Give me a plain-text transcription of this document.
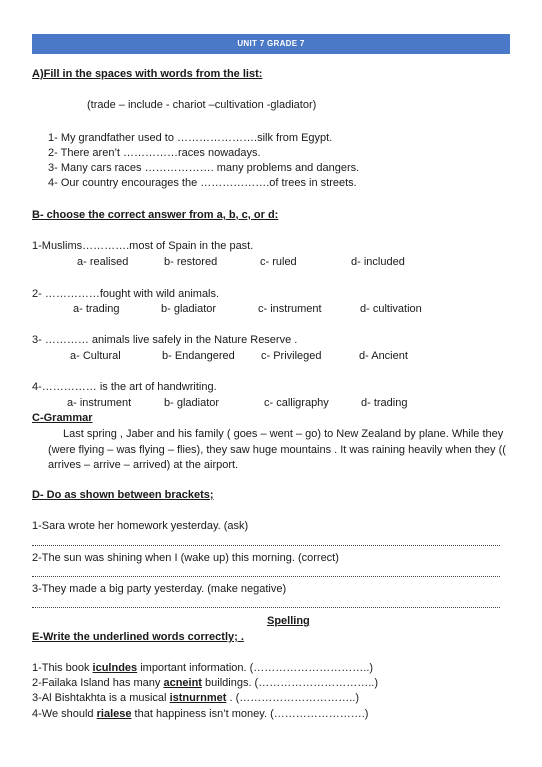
UNIT 7 GRADE 7
A)Fill in the spaces with words from the list:
(trade – include - chariot –cultivation -gladiator)
1- My grandfather used to ………………….silk from Egypt.
2- There aren’t ……………races nowadays.
3- Many cars races ………………. many problems and dangers.
4- Our country encourages the ……………….of trees in streets.
B- choose the correct answer from a, b, c, or d:
1-Muslims………….most of Spain in the past.
a- realised	b- restored	c- ruled	d- included
2- ……………fought with wild animals.
a- trading	b- gladiator	c- instrument	d- cultivation
3- ………… animals live safely in the Nature Reserve .
a- Cultural	b- Endangered c- Privileged	d- Ancient
4-…………… is the art of handwriting.
a- instrument	b- gladiator	c- calligraphy	d- trading
C-Grammar
Last spring , Jaber and his family ( goes – went – go) to New Zealand by plane. While they (were flying – was flying – flies), they saw huge mountains . It was raining heavily when they (( arrives – arrive – arrived) at the airport.
D- Do as shown between brackets;
1-Sara wrote her homework yesterday. (ask)
2-The sun was shining when I (wake up) this morning. (correct)
3-They made a big party yesterday. (make negative)
Spelling
E-Write the underlined words correctly; .
1-This book iculndes important information. (…………………………..)
2-Failaka Island has many acneint buildings. (…………………………..)
3-Al Bishtakhta is a musical istnurnmet . (…………………………..)
4-We should rialese that happiness isn’t money. (…………………….)
